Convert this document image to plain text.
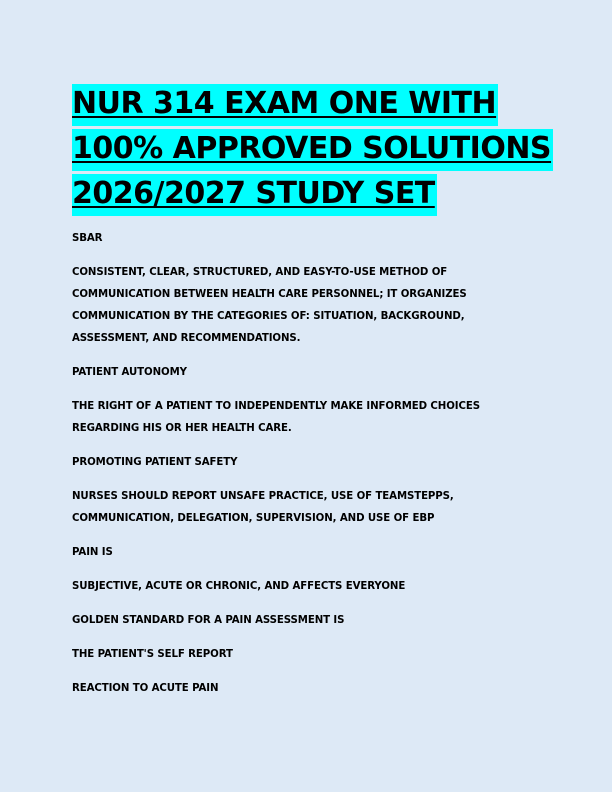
NUR 314 EXAM ONE WITH
100% APPROVED SOLUTIONS
2026/2027 STUDY SET

SBAR

CONSISTENT, CLEAR, STRUCTURED, AND EASY-TO-USE METHOD OF COMMUNICATION BETWEEN HEALTH CARE PERSONNEL; IT ORGANIZES COMMUNICATION BY THE CATEGORIES OF: SITUATION, BACKGROUND, ASSESSMENT, AND RECOMMENDATIONS.

PATIENT AUTONOMY

THE RIGHT OF A PATIENT TO INDEPENDENTLY MAKE INFORMED CHOICES REGARDING HIS OR HER HEALTH CARE.

PROMOTING PATIENT SAFETY

NURSES SHOULD REPORT UNSAFE PRACTICE, USE OF TEAMSTEPPS, COMMUNICATION, DELEGATION, SUPERVISION, AND USE OF EBP

PAIN IS

SUBJECTIVE, ACUTE OR CHRONIC, AND AFFECTS EVERYONE

GOLDEN STANDARD FOR A PAIN ASSESSMENT IS

THE PATIENT'S SELF REPORT

REACTION TO ACUTE PAIN
